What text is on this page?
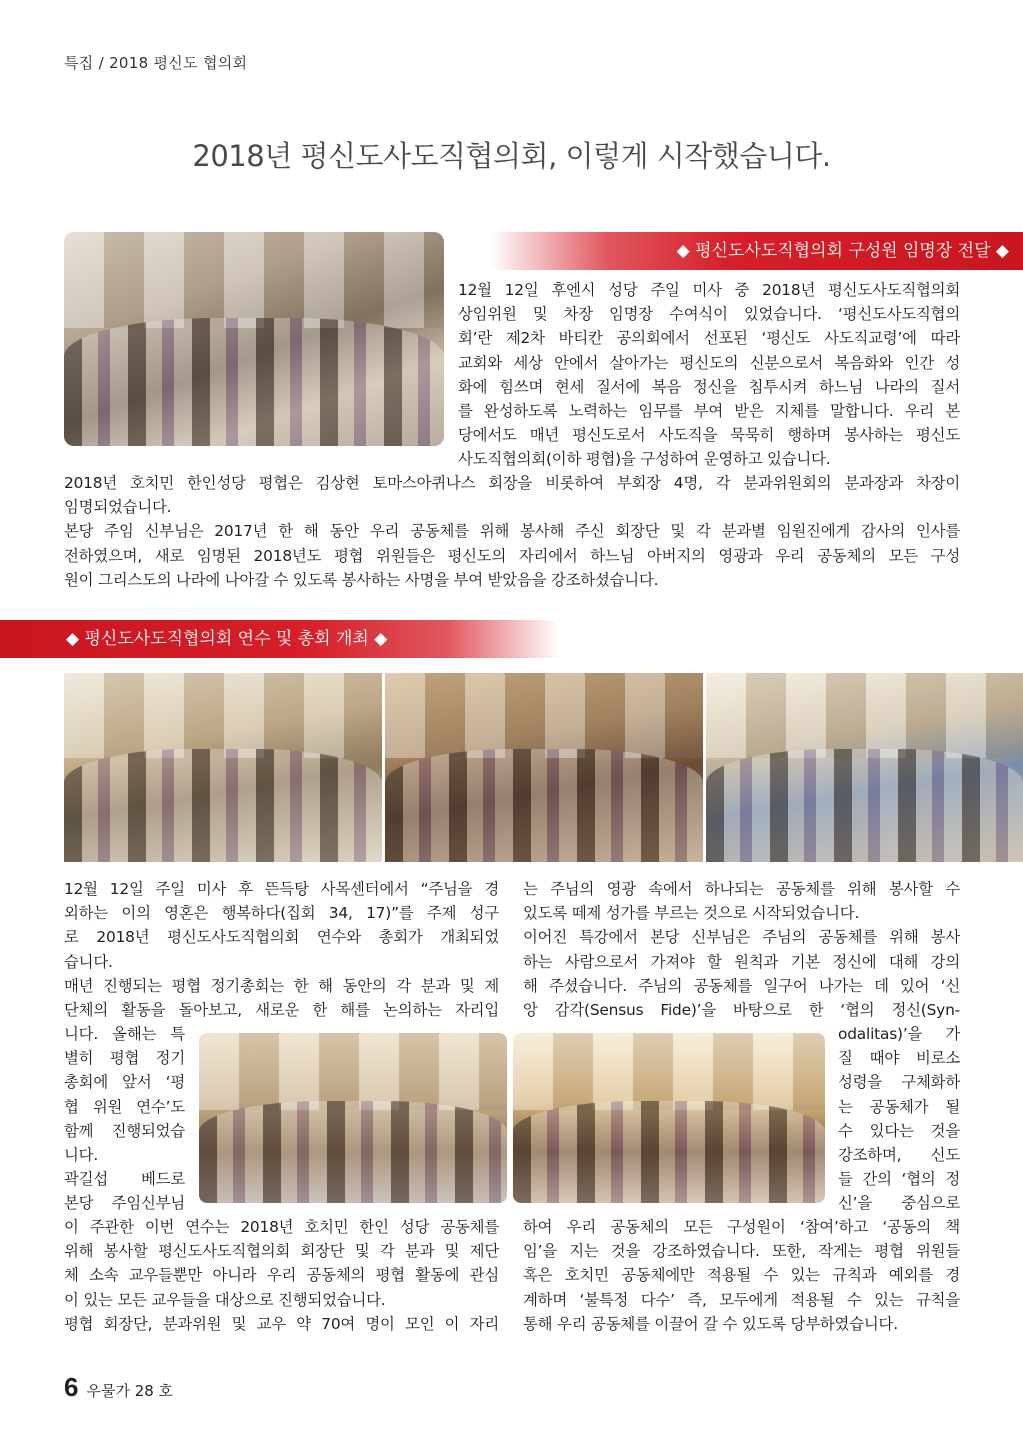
특집 / 2018 평신도 협의회
2018년 평신도사도직협의회, 이렇게 시작했습니다.
◆ 평신도사도직협의회 구성원 임명장 전달 ◆
12월 12일 후엔시 성당 주일 미사 중 2018년 평신도사도직협의회
상임위원 및 차장 임명장 수여식이 있었습니다. ‘평신도사도직협의
회’란 제2차 바티칸 공의회에서 선포된 ‘평신도 사도직교령’에 따라
교회와 세상 안에서 살아가는 평신도의 신분으로서 복음화와 인간 성
화에 힘쓰며 현세 질서에 복음 정신을 침투시켜 하느님 나라의 질서
를 완성하도록 노력하는 임무를 부여 받은 지체를 말합니다. 우리 본
당에서도 매년 평신도로서 사도직을 묵묵히 행하며 봉사하는 평신도
사도직협의회(이하 평협)을 구성하여 운영하고 있습니다.
2018년 호치민 한인성당 평협은 김상현 토마스아퀴나스 회장을 비롯하여 부회장 4명, 각 분과위원회의 분과장과 차장이
임명되었습니다.
본당 주임 신부님은 2017년 한 해 동안 우리 공동체를 위해 봉사해 주신 회장단 및 각 분과별 임원진에게 감사의 인사를
전하였으며, 새로 임명된 2018년도 평협 위원들은 평신도의 자리에서 하느님 아버지의 영광과 우리 공동체의 모든 구성
원이 그리스도의 나라에 나아갈 수 있도록 봉사하는 사명을 부여 받았음을 강조하셨습니다.
◆ 평신도사도직협의회 연수 및 총회 개최 ◆
12월 12일 주일 미사 후 뜬득탕 사목센터에서 “주님을 경
외하는 이의 영혼은 행복하다(집회 34, 17)”를 주제 성구
로 2018년 평신도사도직협의회 연수와 총회가 개최되었
습니다.
매년 진행되는 평협 정기총회는 한 해 동안의 각 분과 및 제
단체의 활동을 돌아보고, 새로운 한 해를 논의하는 자리입
니다. 올해는 특
별히 평협 정기
총회에 앞서 ‘평
협 위원 연수’도
함께 진행되었습
니다.
곽길섭 베드로
본당 주임신부님
이 주관한 이번 연수는 2018년 호치민 한인 성당 공동체를
위해 봉사할 평신도사도직협의회 회장단 및 각 분과 및 제단
체 소속 교우들뿐만 아니라 우리 공동체의 평협 활동에 관심
이 있는 모든 교우들을 대상으로 진행되었습니다.
평협 회장단, 분과위원 및 교우 약 70여 명이 모인 이 자리
는 주님의 영광 속에서 하나되는 공동체를 위해 봉사할 수
있도록 떼제 성가를 부르는 것으로 시작되었습니다.
이어진 특강에서 본당 신부님은 주님의 공동체를 위해 봉사
하는 사람으로서 가져야 할 원칙과 기본 정신에 대해 강의
해 주셨습니다. 주님의 공동체를 일구어 나가는 데 있어 ‘신
앙 감각(Sensus Fide)’을 바탕으로 한 ‘협의 정신(Syn-
odalitas)’을 가
질 때야 비로소
성령을 구체화하
는 공동체가 될
수 있다는 것을
강조하며, 신도
들 간의 ‘협의 정
신’을 중심으로
하여 우리 공동체의 모든 구성원이 ‘참여’하고 ‘공동의 책
임’을 지는 것을 강조하였습니다. 또한, 작게는 평협 위원들
혹은 호치민 공동체에만 적용될 수 있는 규칙과 예외를 경
계하며 ‘불특정 다수’ 즉, 모두에게 적용될 수 있는 규칙을
통해 우리 공동체를 이끌어 갈 수 있도록 당부하였습니다.
6 우물가 28 호
